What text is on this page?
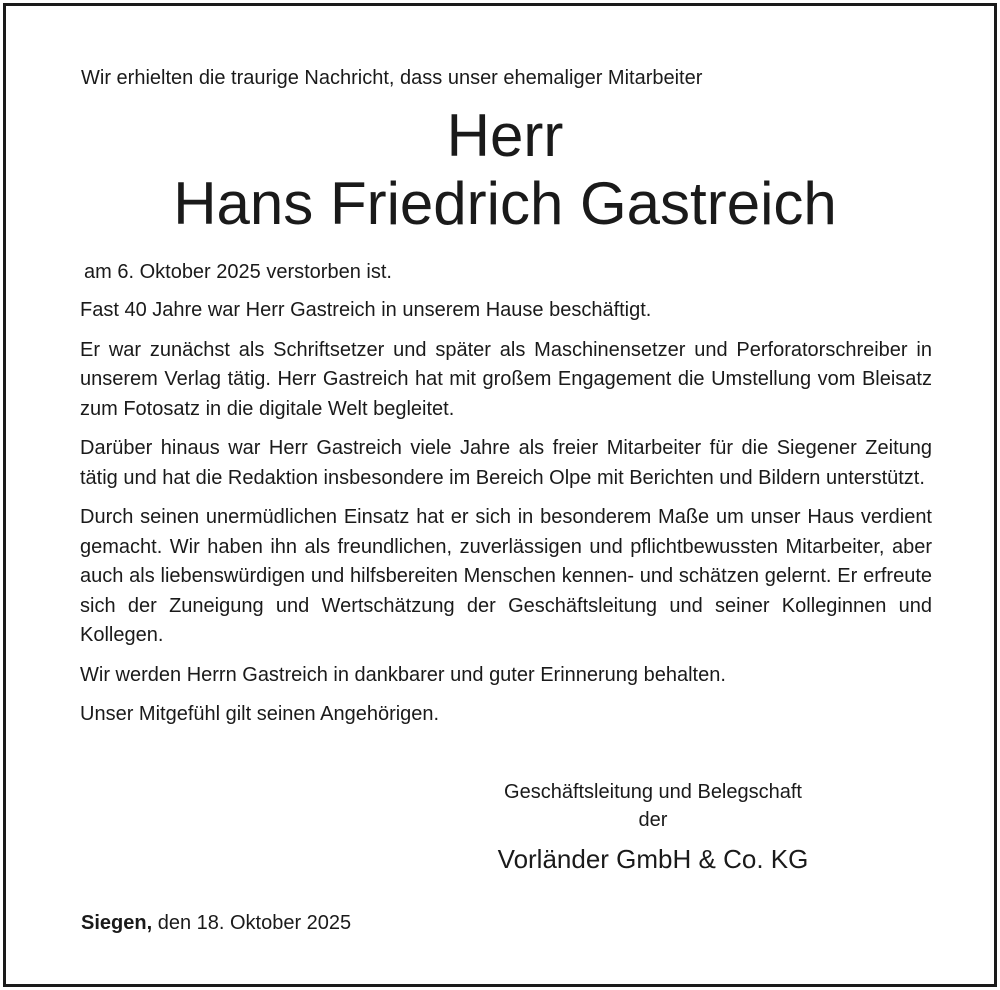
Wir erhielten die traurige Nachricht, dass unser ehemaliger Mitarbeiter

Herr
Hans Friedrich Gastreich

am 6. Oktober 2025 verstorben ist.

Fast 40 Jahre war Herr Gastreich in unserem Hause beschäftigt.

Er war zunächst als Schriftsetzer und später als Maschinensetzer und Perforatorschreiber in unserem Verlag tätig. Herr Gastreich hat mit großem Engagement die Umstellung vom Bleisatz zum Fotosatz in die digitale Welt begleitet.

Darüber hinaus war Herr Gastreich viele Jahre als freier Mitarbeiter für die Siegener Zeitung tätig und hat die Redaktion insbesondere im Bereich Olpe mit Berichten und Bildern unterstützt.

Durch seinen unermüdlichen Einsatz hat er sich in besonderem Maße um unser Haus verdient gemacht. Wir haben ihn als freundlichen, zuverlässigen und pflichtbewussten Mitarbeiter, aber auch als liebenswürdigen und hilfsbereiten Menschen kennen- und schätzen gelernt. Er erfreute sich der Zuneigung und Wertschätzung der Geschäftsleitung und seiner Kolleginnen und Kollegen.

Wir werden Herrn Gastreich in dankbarer und guter Erinnerung behalten.

Unser Mitgefühl gilt seinen Angehörigen.

Geschäftsleitung und Belegschaft

der

Vorländer GmbH & Co. KG

Siegen, den 18. Oktober 2025
